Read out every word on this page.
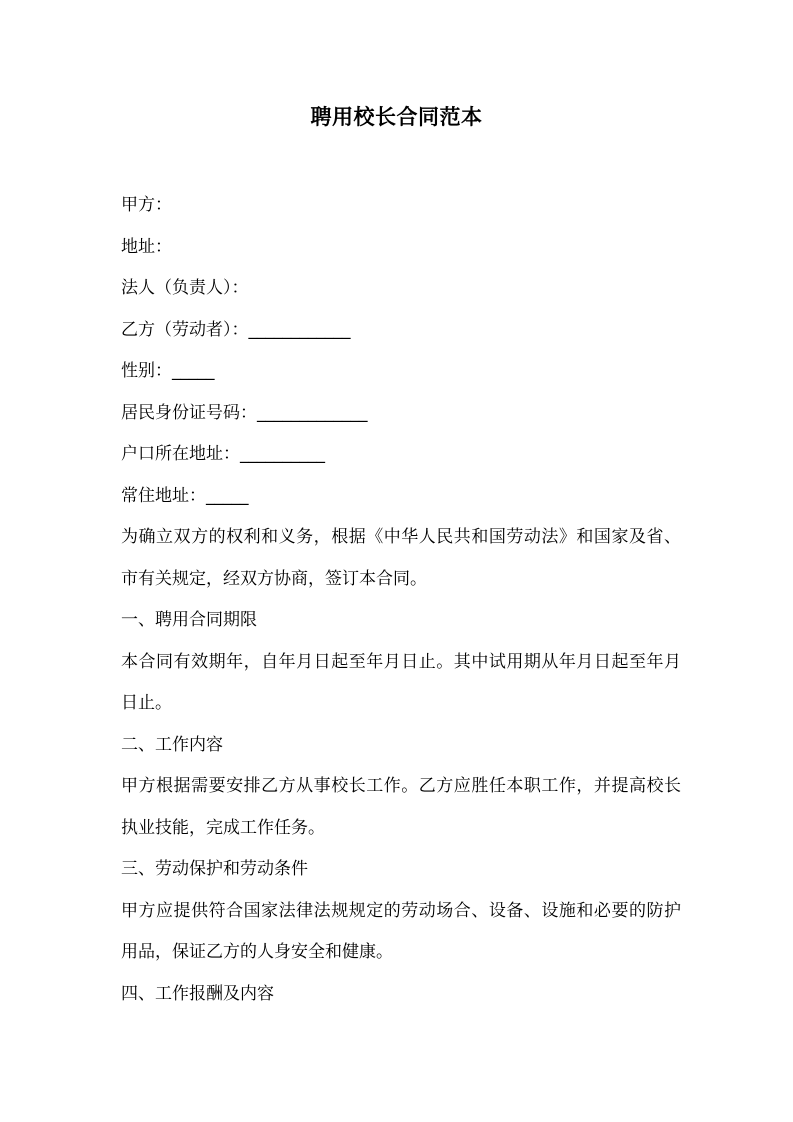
聘用校长合同范本
甲方：
地址：
法人（负责人）：
乙方（劳动者）：____________
性别：_____
居民身份证号码：_____________
户口所在地址：__________
常住地址：_____
为确立双方的权利和义务，根据《中华人民共和国劳动法》和国家及省、市有关规定，经双方协商，签订本合同。
一、聘用合同期限
本合同有效期年，自年月日起至年月日止。其中试用期从年月日起至年月日止。
二、工作内容
甲方根据需要安排乙方从事校长工作。乙方应胜任本职工作，并提高校长执业技能，完成工作任务。
三、劳动保护和劳动条件
甲方应提供符合国家法律法规规定的劳动场合、设备、设施和必要的防护用品，保证乙方的人身安全和健康。
四、工作报酬及内容
